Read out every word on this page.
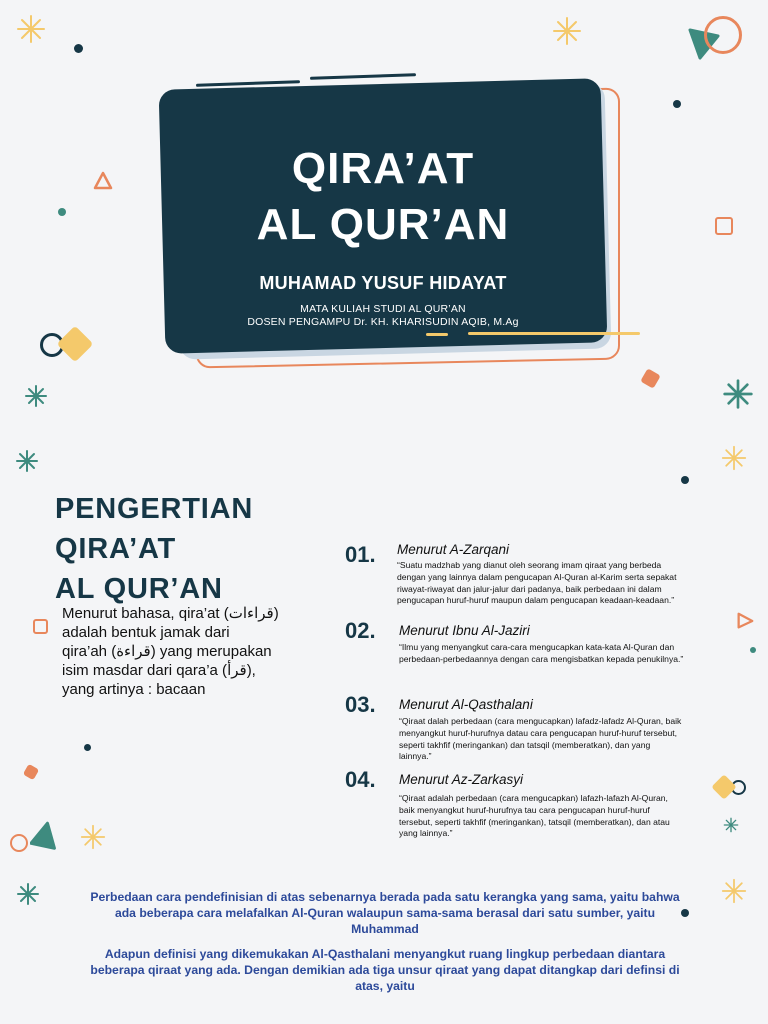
QIRA’AT
AL QUR’AN
MUHAMAD YUSUF HIDAYAT
MATA KULIAH STUDI AL QUR’AN
DOSEN PENGAMPU Dr. KH. KHARISUDIN AQIB, M.Ag
PENGERTIAN
QIRA’AT
AL QUR’AN
Menurut bahasa, qira’at (قراءات)
adalah bentuk jamak dari
qira’ah (قراءة) yang merupakan
isim masdar dari qara’a (قرأ),
yang artinya : bacaan
01. Menurut A-Zarqani
“Suatu madzhab yang dianut oleh seorang imam qiraat yang berbeda dengan yang lainnya dalam pengucapan Al-Quran al-Karim serta sepakat riwayat-riwayat dan jalur-jalur dari padanya, baik perbedaan ini dalam pengucapan huruf-huruf maupun dalam pengucapan keadaan-keadaan.”
02. Menurut Ibnu Al-Jaziri
“Ilmu yang menyangkut cara-cara mengucapkan kata-kata Al-Quran dan perbedaan-perbedaannya dengan cara mengisbatkan kepada penukilnya.”
03. Menurut Al-Qasthalani
“Qiraat dalah perbedaan (cara mengucapkan) lafadz-lafadz Al-Quran, baik menyangkut huruf-hurufnya datau cara pengucapan huruf-huruf tersebut, seperti takhfif (meringankan) dan tatsqil (memberatkan), dan yang lainnya.”
04. Menurut Az-Zarkasyi
“Qiraat adalah perbedaan (cara mengucapkan) lafazh-lafazh Al-Quran, baik menyangkut huruf-hurufnya tau cara pengucapan huruf-huruf tersebut, seperti takhfif (meringankan), tatsqil (memberatkan), dan atau yang lainnya.”
Perbedaan cara pendefinisian di atas sebenarnya berada pada satu kerangka yang sama, yaitu bahwa ada beberapa cara melafalkan Al-Quran walaupun sama-sama berasal dari satu sumber, yaitu Muhammad
Adapun definisi yang dikemukakan Al-Qasthalani menyangkut ruang lingkup perbedaan diantara beberapa qiraat yang ada. Dengan demikian ada tiga unsur qiraat yang dapat ditangkap dari definsi di atas, yaitu
